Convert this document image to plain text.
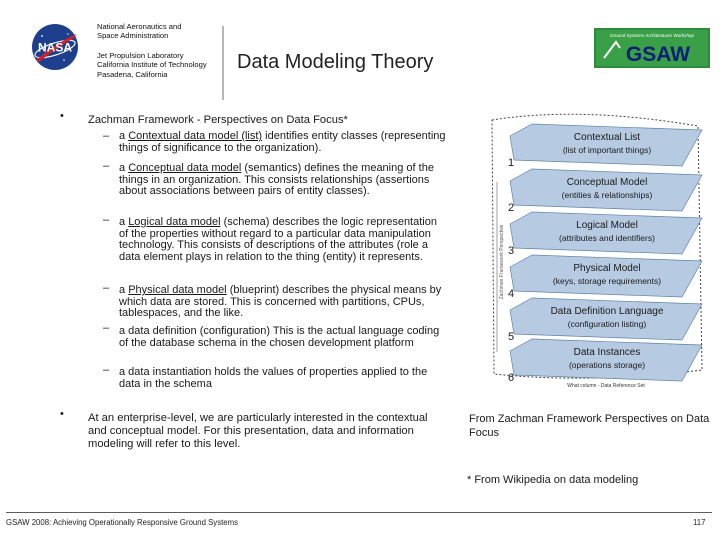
NASA
National Aeronautics and
Space Administration
Jet Propulsion Laboratory
California Institute of Technology
Pasadena, California
Data Modeling Theory
Ground Systems Architectures Workshop
GSAW
• Zachman Framework - Perspectives on Data Focus*
– a Contextual data model (list) identifies entity classes (representing things of significance to the organization).
– a Conceptual data model (semantics) defines the meaning of the things in an organization. This consists relationships (assertions about associations between pairs of entity classes).
– a Logical data model (schema) describes the logic representation of the properties without regard to a particular data manipulation technology. This consists of descriptions of the attributes (role a data element plays in relation to the thing (entity) it represents.
– a Physical data model (blueprint) describes the physical means by which data are stored. This is concerned with partitions, CPUs, tablespaces, and the like.
– a data definition (configuration) This is the actual language coding of the database schema in the chosen development platform
– a data instantiation holds the values of properties applied to the data in the schema
• At an enterprise-level, we are particularly interested in the contextual and conceptual model. For this presentation, data and information modeling will refer to this level.
Zachman Framework Perspective
1
Contextual List
(list of important things)
2
Conceptual Model
(entities & relationships)
3
Logical Model
(attributes and identifiers)
4
Physical Model
(keys, storage requirements)
5
Data Definition Language
(configuration listing)
6
Data Instances
(operations storage)
What column - Data Reference Set
From Zachman Framework Perspectives on Data Focus
* From Wikipedia on data modeling
GSAW 2008: Achieving Operationally Responsive Ground Systems	117
